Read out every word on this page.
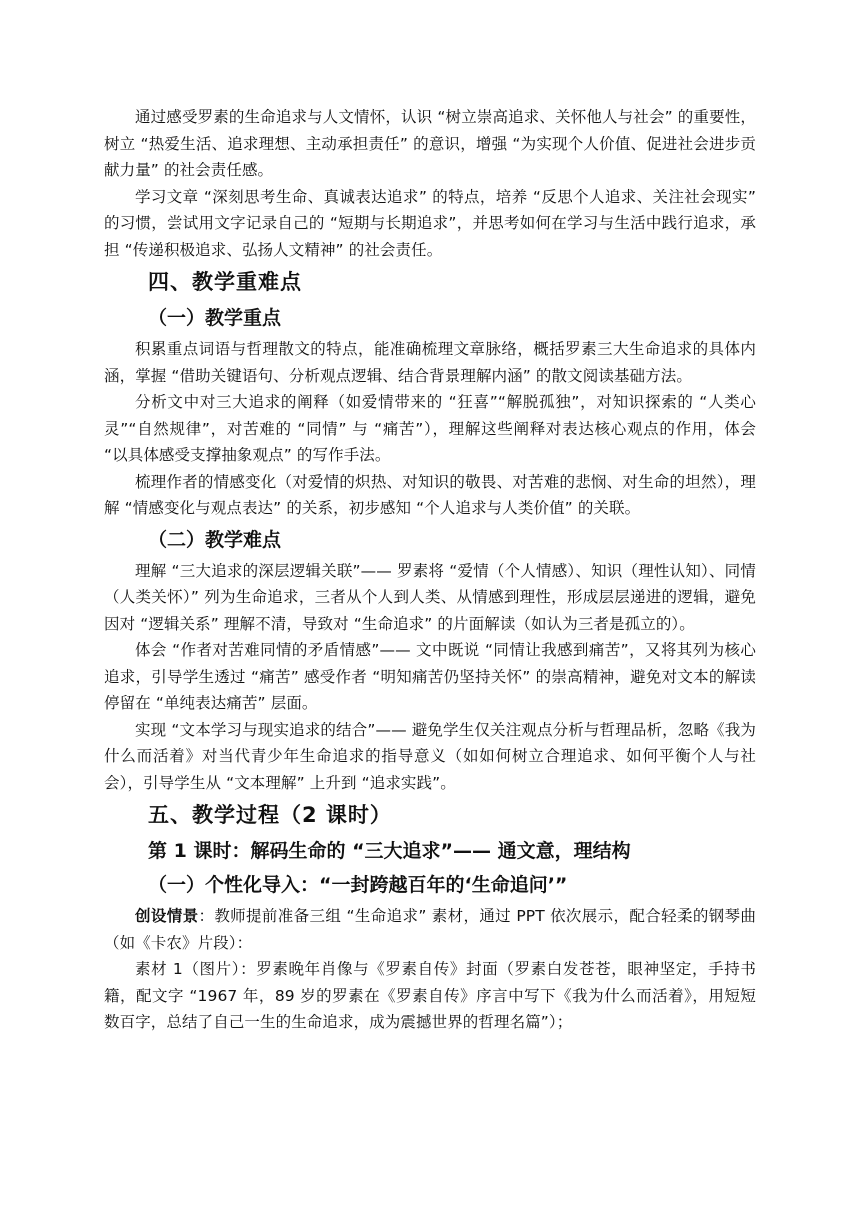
通过感受罗素的生命追求与人文情怀，认识 “树立崇高追求、关怀他人与社会” 的重要性，树立 “热爱生活、追求理想、主动承担责任” 的意识，增强 “为实现个人价值、促进社会进步贡献力量” 的社会责任感。

学习文章 “深刻思考生命、真诚表达追求” 的特点，培养 “反思个人追求、关注社会现实” 的习惯，尝试用文字记录自己的 “短期与长期追求”，并思考如何在学习与生活中践行追求，承担 “传递积极追求、弘扬人文精神” 的社会责任。

四、教学重难点
（一）教学重点

积累重点词语与哲理散文的特点，能准确梳理文章脉络，概括罗素三大生命追求的具体内涵，掌握 “借助关键语句、分析观点逻辑、结合背景理解内涵” 的散文阅读基础方法。

分析文中对三大追求的阐释（如爱情带来的 “狂喜”“解脱孤独”，对知识探索的 “人类心灵”“自然规律”，对苦难的 “同情” 与 “痛苦”），理解这些阐释对表达核心观点的作用，体会 “以具体感受支撑抽象观点” 的写作手法。

梳理作者的情感变化（对爱情的炽热、对知识的敬畏、对苦难的悲悯、对生命的坦然），理解 “情感变化与观点表达” 的关系，初步感知 “个人追求与人类价值” 的关联。

（二）教学难点

理解 “三大追求的深层逻辑关联”—— 罗素将 “爱情（个人情感）、知识（理性认知）、同情（人类关怀）” 列为生命追求，三者从个人到人类、从情感到理性，形成层层递进的逻辑，避免因对 “逻辑关系” 理解不清，导致对 “生命追求” 的片面解读（如认为三者是孤立的）。

体会 “作者对苦难同情的矛盾情感”—— 文中既说 “同情让我感到痛苦”，又将其列为核心追求，引导学生透过 “痛苦” 感受作者 “明知痛苦仍坚持关怀” 的崇高精神，避免对文本的解读停留在 “单纯表达痛苦” 层面。

实现 “文本学习与现实追求的结合”—— 避免学生仅关注观点分析与哲理品析，忽略《我为什么而活着》对当代青少年生命追求的指导意义（如如何树立合理追求、如何平衡个人与社会），引导学生从 “文本理解” 上升到 “追求实践”。

五、教学过程（2 课时）
第 1 课时：解码生命的 “三大追求”—— 通文意，理结构
（一）个性化导入：“一封跨越百年的‘生命追问’”

创设情景：教师提前准备三组 “生命追求” 素材，通过 PPT 依次展示，配合轻柔的钢琴曲（如《卡农》片段）：

素材 1（图片）：罗素晚年肖像与《罗素自传》封面（罗素白发苍苍，眼神坚定，手持书籍，配文字 “1967 年，89 岁的罗素在《罗素自传》序言中写下《我为什么而活着》，用短短数百字，总结了自己一生的生命追求，成为震撼世界的哲理名篇”）；
